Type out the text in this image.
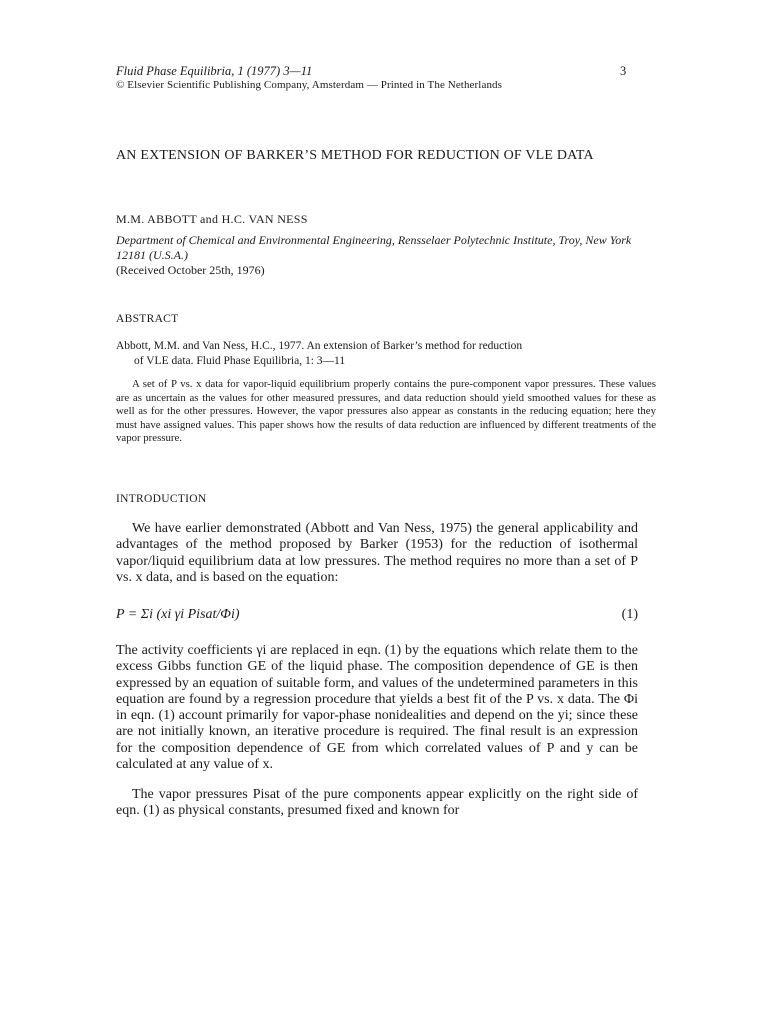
Fluid Phase Equilibria, 1 (1977) 3—11	3

© Elsevier Scientific Publishing Company, Amsterdam — Printed in The Netherlands

AN EXTENSION OF BARKER’S METHOD FOR REDUCTION OF VLE DATA

M.M. ABBOTT and H.C. VAN NESS

Department of Chemical and Environmental Engineering, Rensselaer Polytechnic Institute, Troy, New York 12181 (U.S.A.)

(Received October 25th, 1976)

ABSTRACT
Abbott, M.M. and Van Ness, H.C., 1977. An extension of Barker’s method for reduction
of VLE data. Fluid Phase Equilibria, 1: 3—11

A set of P vs. x data for vapor-liquid equilibrium properly contains the pure-component vapor pressures. These values are as uncertain as the values for other measured pressures, and data reduction should yield smoothed values for these as well as for the other pressures. However, the vapor pressures also appear as constants in the reducing equation; here they must have assigned values. This paper shows how the results of data reduction are influenced by different treatments of the vapor pressure.

INTRODUCTION

We have earlier demonstrated (Abbott and Van Ness, 1975) the general applicability and advantages of the method proposed by Barker (1953) for the reduction of isothermal vapor/liquid equilibrium data at low pressures. The method requires no more than a set of P vs. x data, and is based on the equation:

P = Σi (xi γi Pisat/Φi)	(1)

The activity coefficients γi are replaced in eqn. (1) by the equations which relate them to the excess Gibbs function GE of the liquid phase. The composition dependence of GE is then expressed by an equation of suitable form, and values of the undetermined parameters in this equation are found by a regression procedure that yields a best fit of the P vs. x data. The Φi in eqn. (1) account primarily for vapor-phase nonidealities and depend on the yi; since these are not initially known, an iterative procedure is required. The final result is an expression for the composition dependence of GE from which correlated values of P and y can be calculated at any value of x.

The vapor pressures Pisat of the pure components appear explicitly on the right side of eqn. (1) as physical constants, presumed fixed and known for
